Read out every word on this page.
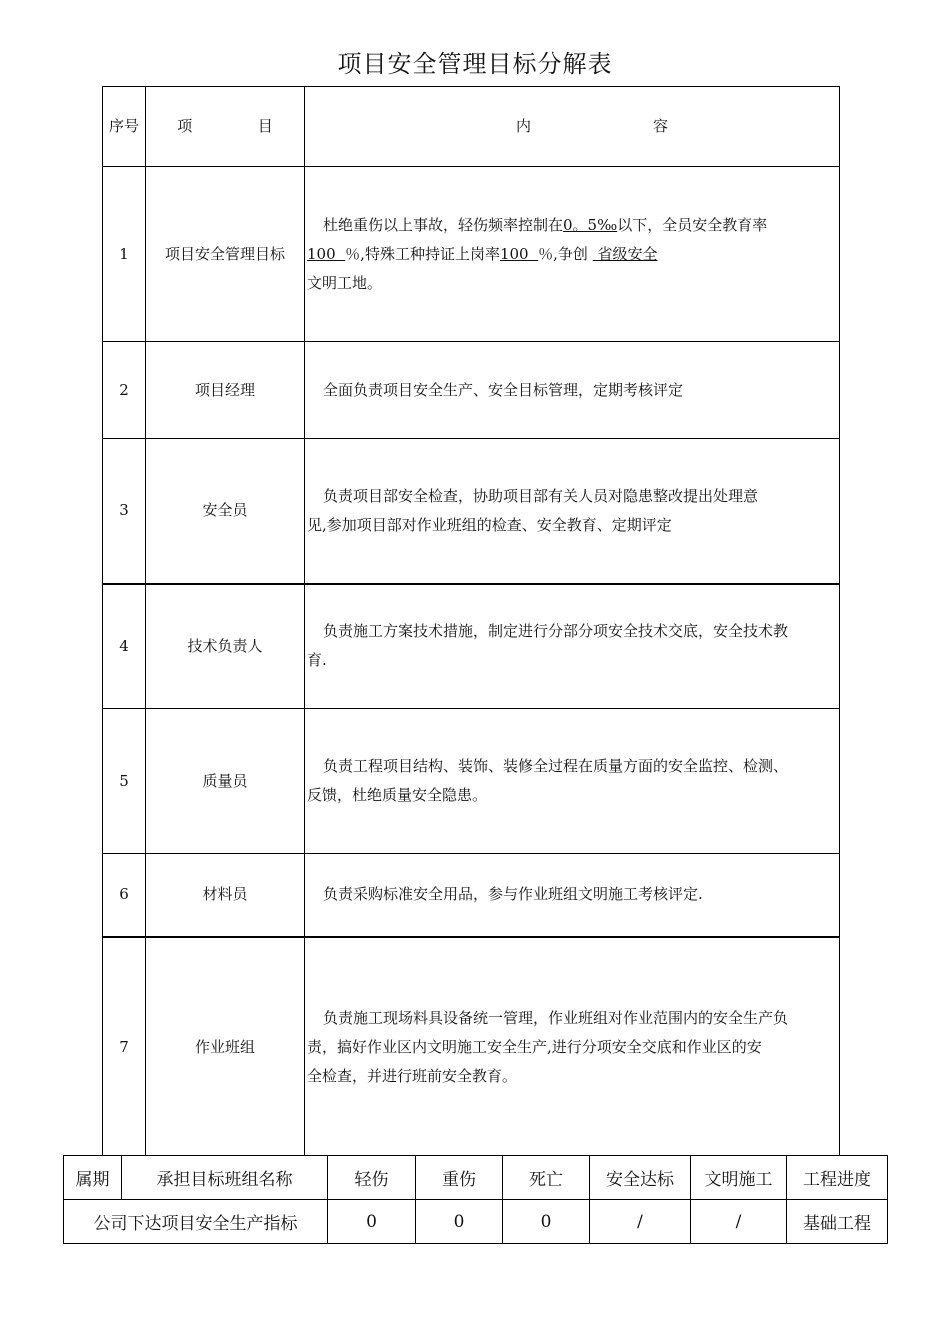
项目安全管理目标分解表
序号	项 目	内 容

1	项目安全管理目标	杜绝重伤以上事故，轻伤频率控制在0。5‰以下，全员安全教育率
100  ％,特殊工种持证上岗率100  ％,争创  省级安全
文明工地。

2	项目经理	全面负责项目安全生产、安全目标管理，定期考核评定

3	安全员	负责项目部安全检查，协助项目部有关人员对隐患整改提出处理意
见,参加项目部对作业班组的检查、安全教育、定期评定

4	技术负责人	负责施工方案技术措施，制定进行分部分项安全技术交底，安全技术教
育.

5	质量员	负责工程项目结构、装饰、装修全过程在质量方面的安全监控、检测、
反馈，杜绝质量安全隐患。

6	材料员	负责采购标准安全用品，参与作业班组文明施工考核评定.

7	作业班组	负责施工现场料具设备统一管理，作业班组对作业范围内的安全生产负
责，搞好作业区内文明施工安全生产,进行分项安全交底和作业区的安
全检查，并进行班前安全教育。
属期	承担目标班组名称	轻伤	重伤	死亡	安全达标	文明施工	工程进度
公司下达项目安全生产指标		0	0	0	/	/	基础工程
